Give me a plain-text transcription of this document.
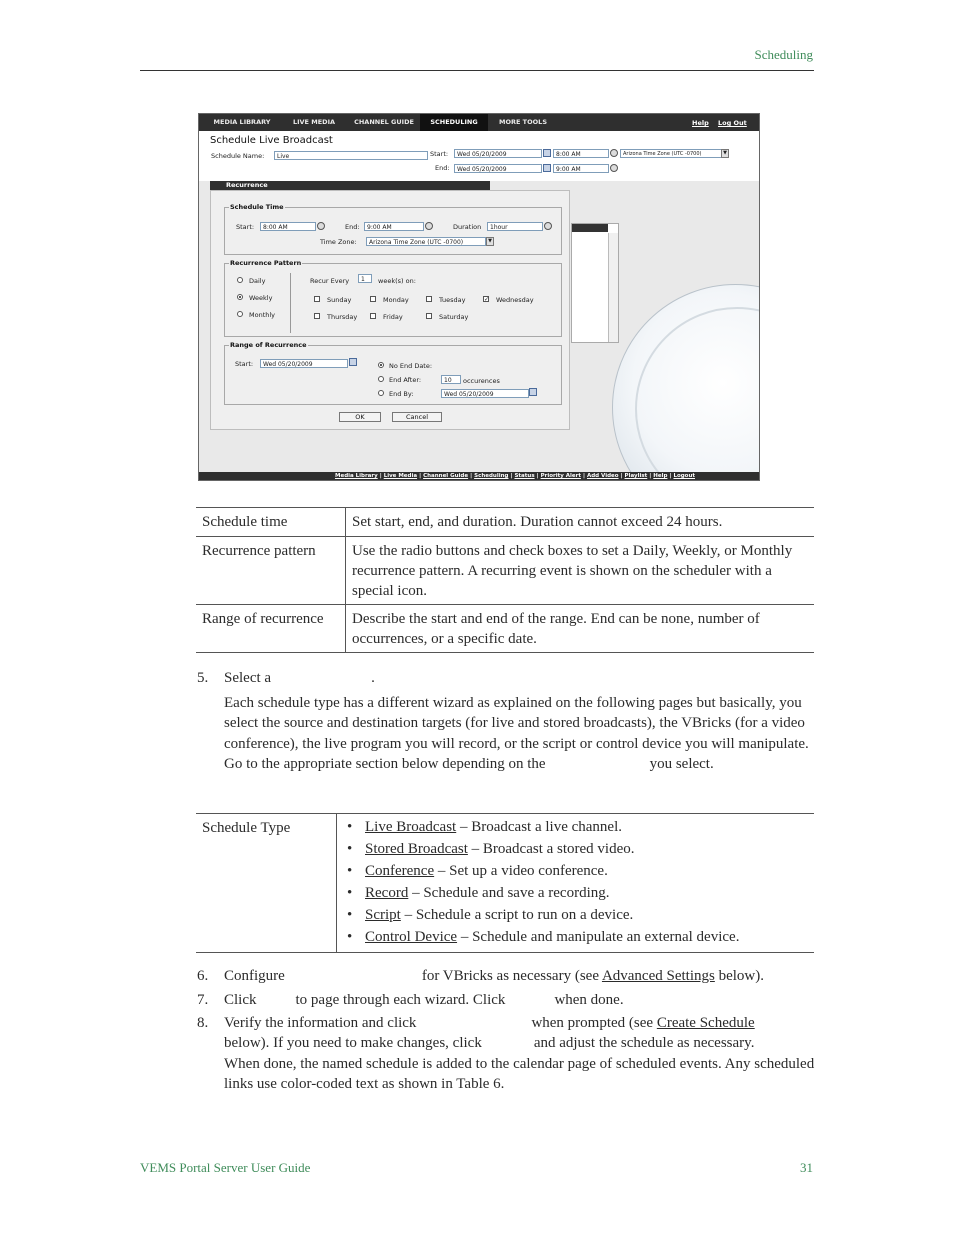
Scheduling
MEDIA LIBRARY	LIVE MEDIA	CHANNEL GUIDE	SCHEDULING	MORE TOOLS	Help Log Out
Schedule Live Broadcast
Schedule Name:	Live	Start:	Wed 05/20/2009	8:00 AM	Arizona Time Zone (UTC -0700)	▼
End:	Wed 05/20/2009	9:00 AM
Recurrence
Schedule Time
Start:	8:00 AM	End:	9:00 AM	Duration	1hour
Time Zone:	Arizona Time Zone (UTC -0700)	▼
Recurrence Pattern
Daily
Weekly
Monthly
Recur Every	1	week(s) on:
Sunday	Monday	Tuesday	✓ Wednesday
Thursday	Friday	Saturday
Range of Recurrence
Start:	Wed 05/20/2009	No End Date:
End After:	10	occurences
End By:	Wed 05/20/2009
OK	Cancel
Media Library | Live Media | Channel Guide | Scheduling | Status | Priority Alert | Add Video | Playlist | Help | Logout
Schedule time	Set start, end, and duration. Duration cannot exceed 24 hours.
Recurrence pattern	Use the radio buttons and check boxes to set a Daily, Weekly, or Monthly recurrence pattern. A recurring event is shown on the scheduler with a special icon.
Range of recurrence	Describe the start and end of the range. End can be none, number of occurrences, or a specific date.
5. Select a	.
Each schedule type has a different wizard as explained on the following pages but basically, you select the source and destination targets (for live and stored broadcasts), the VBricks (for a video conference), the live program you will record, or the script or control device you will manipulate. Go to the appropriate section below depending on the	you select.
Schedule Type	
•Live Broadcast – Broadcast a live channel.
• Stored Broadcast – Broadcast a stored video.
• Conference – Set up a video conference.
• Record – Schedule and save a recording.
• Script – Schedule a script to run on a device.
• Control Device – Schedule and manipulate an external device.
6. Configure	for VBricks as necessary (see Advanced Settings below).
7. Click	to page through each wizard. Click	when done.
8. Verify the information and click	when prompted (see Create Schedule
below). If you need to make changes, click	and adjust the schedule as necessary.
When done, the named schedule is added to the calendar page of scheduled events. Any scheduled links use color-coded text as shown in Table 6.
VEMS Portal Server User Guide	31
